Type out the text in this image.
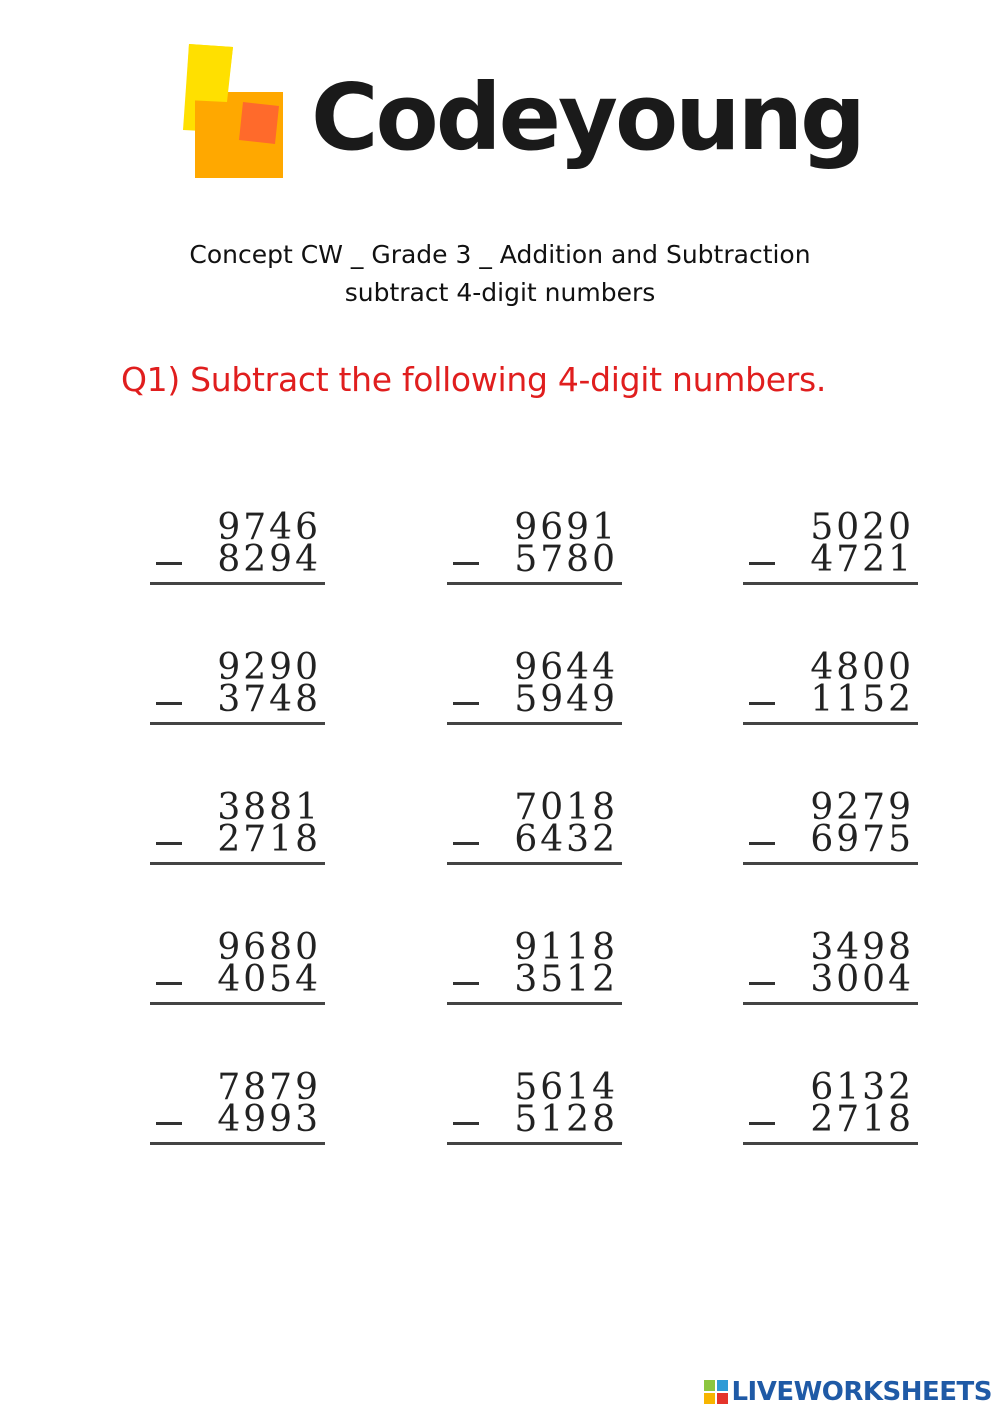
Codeyoung
Concept CW _ Grade 3 _ Addition and Subtraction
subtract 4-digit numbers
Q1) Subtract the following 4-digit numbers.
9746
8294
9691
5780
5020
4721
9290
3748
9644
5949
4800
1152
3881
2718
7018
6432
9279
6975
9680
4054
9118
3512
3498
3004
7879
4993
5614
5128
6132
2718
LIVEWORKSHEETS
